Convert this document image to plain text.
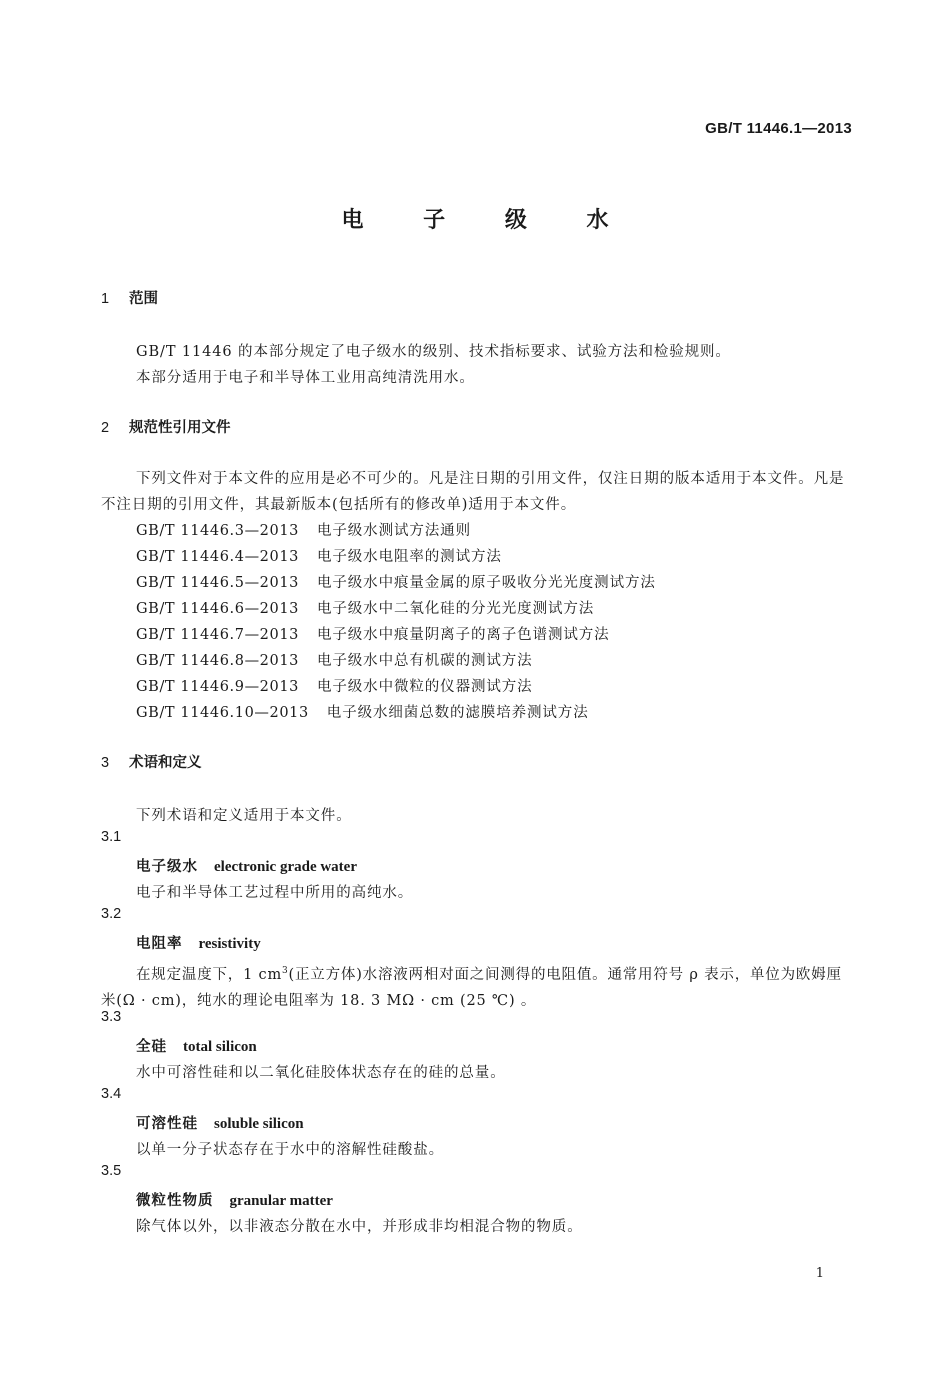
GB/T 11446.1—2013
电 子 级 水
1 范围
GB/T 11446 的本部分规定了电子级水的级别、技术指标要求、试验方法和检验规则。
本部分适用于电子和半导体工业用高纯清洗用水。
2 规范性引用文件
下列文件对于本文件的应用是必不可少的。凡是注日期的引用文件，仅注日期的版本适用于本文件。凡是不注日期的引用文件，其最新版本(包括所有的修改单)适用于本文件。
GB/T 11446.3—2013 电子级水测试方法通则
GB/T 11446.4—2013 电子级水电阻率的测试方法
GB/T 11446.5—2013 电子级水中痕量金属的原子吸收分光光度测试方法
GB/T 11446.6—2013 电子级水中二氧化硅的分光光度测试方法
GB/T 11446.7—2013 电子级水中痕量阴离子的离子色谱测试方法
GB/T 11446.8—2013 电子级水中总有机碳的测试方法
GB/T 11446.9—2013 电子级水中微粒的仪器测试方法
GB/T 11446.10—2013 电子级水细菌总数的滤膜培养测试方法
3 术语和定义
下列术语和定义适用于本文件。
3.1
电子级水 electronic grade water
电子和半导体工艺过程中所用的高纯水。
3.2
电阻率 resistivity
在规定温度下，1 $cm^3$(正立方体)水溶液两相对面之间测得的电阻值。通常用符号 ρ 表示，单位为欧姆厘米(Ω · cm)，纯水的理论电阻率为 18. 3 MΩ · cm (25 ℃) 。
3.3
全硅 total silicon
水中可溶性硅和以二氧化硅胶体状态存在的硅的总量。
3.4
可溶性硅 soluble silicon
以单一分子状态存在于水中的溶解性硅酸盐。
3.5
微粒性物质 granular matter
除气体以外，以非液态分散在水中，并形成非均相混合物的物质。
1
